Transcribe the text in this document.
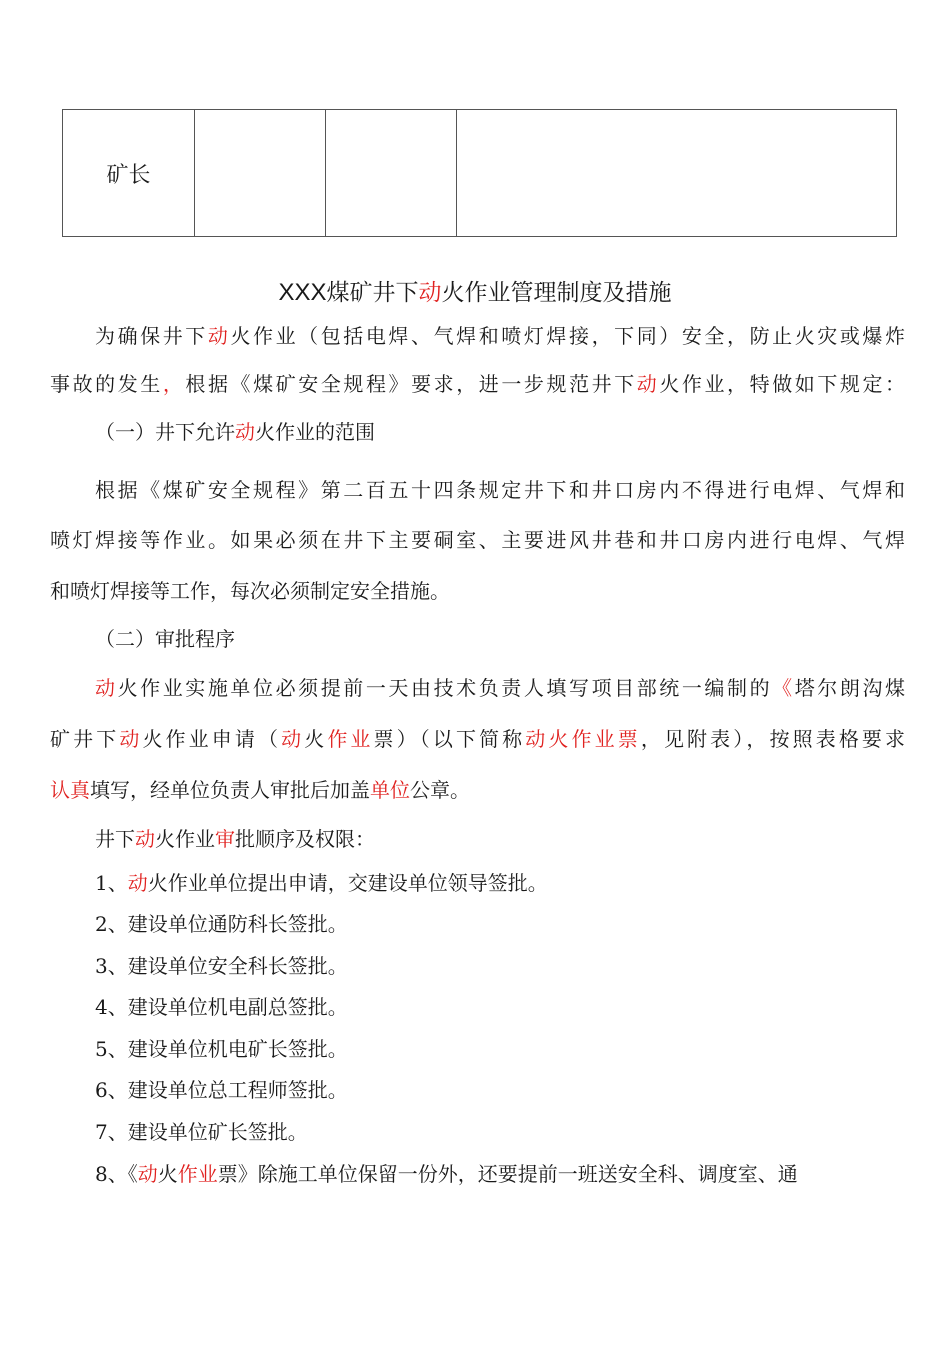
矿长			
XXX煤矿井下动火作业管理制度及措施
为确保井下动火作业（包括电焊、气焊和喷灯焊接，下同）安全，防止火灾或爆炸
事故的发生，根据《煤矿安全规程》要求，进一步规范井下动火作业，特做如下规定：
（一）井下允许动火作业的范围
根据《煤矿安全规程》第二百五十四条规定井下和井口房内不得进行电焊、气焊和
喷灯焊接等作业。如果必须在井下主要硐室、主要进风井巷和井口房内进行电焊、气焊
和喷灯焊接等工作，每次必须制定安全措施。
（二）审批程序
动火作业实施单位必须提前一天由技术负责人填写项目部统一编制的《塔尔朗沟煤
矿井下动火作业申请（动火作业票）（以下简称动火作业票，见附表），按照表格要求
认真填写，经单位负责人审批后加盖单位公章。
井下动火作业审批顺序及权限：
1、动火作业单位提出申请，交建设单位领导签批。
2、建设单位通防科长签批。
3、建设单位安全科长签批。
4、建设单位机电副总签批。
5、建设单位机电矿长签批。
6、建设单位总工程师签批。
7、建设单位矿长签批。
8、《动火作业票》除施工单位保留一份外，还要提前一班送安全科、调度室、通
